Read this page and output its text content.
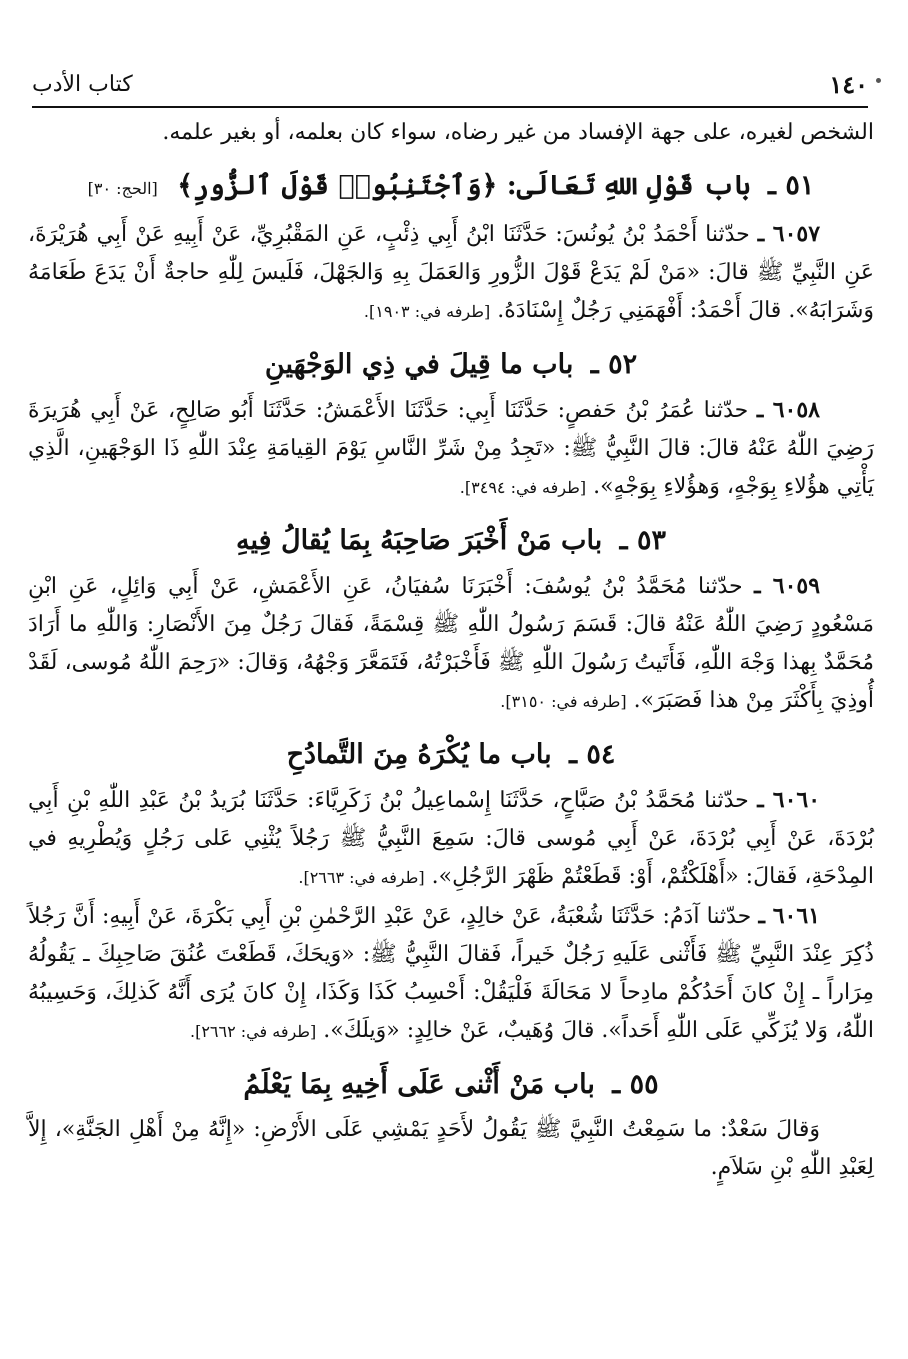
١٤٠
كتاب الأدب

الشخص لغيره، على جهة الإفساد من غير رضاه، سواء كان بعلمه، أو بغير علمه.

٥١ ـ باب قَوْلِ اللهِ تَعَالَى: ﴿وَٱجْتَنِبُوا۟ قَوْلَ ٱلزُّورِ﴾ [الحج: ٣٠]

٦٠٥٧ ـ حدّثنا أَحْمَدُ بْنُ يُونُسَ: حَدَّثَنَا ابْنُ أَبِي ذِئْبٍ، عَنِ المَقْبُرِيِّ، عَنْ أَبِيهِ عَنْ أَبِي هُرَيْرَةَ، عَنِ النَّبِيِّ ﷺ قالَ: «مَنْ لَمْ يَدَعْ قَوْلَ الزُّورِ وَالعَمَلَ بِهِ وَالجَهْلَ، فَلَيسَ لِلّٰهِ حاجةٌ أَنْ يَدَعَ طَعَامَهُ وَشَرَابَهُ». قالَ أَحْمَدُ: أَفْهَمَنِي رَجُلٌ إِسْنَادَهُ. [طرفه في: ١٩٠٣].

٥٢ ـ باب ما قِيلَ في ذِي الوَجْهَينِ

٦٠٥٨ ـ حدّثنا عُمَرُ بْنُ حَفصٍ: حَدَّثَنَا أَبِي: حَدَّثَنَا الأَعْمَشُ: حَدَّثَنَا أَبُو صَالِحٍ، عَنْ أَبِي هُرَيرَةَ رَضِيَ اللّٰهُ عَنْهُ قالَ: قالَ النَّبِيُّ ﷺ: «تَجِدُ مِنْ شَرِّ النَّاسِ يَوْمَ القِيامَةِ عِنْدَ اللّٰهِ ذَا الوَجْهَينِ، الَّذِي يَأْتِي هؤُلاءِ بِوَجْهٍ، وَهؤُلاءِ بِوَجْهٍ». [طرفه في: ٣٤٩٤].

٥٣ ـ باب مَنْ أَخْبَرَ صَاحِبَهُ بِمَا يُقالُ فِيهِ

٦٠٥٩ ـ حدّثنا مُحَمَّدُ بْنُ يُوسُفَ: أَخْبَرَنَا سُفيَانُ، عَنِ الأَعْمَشِ، عَنْ أَبِي وَائِلٍ، عَنِ ابْنِ مَسْعُودٍ رَضِيَ اللّٰهُ عَنْهُ قالَ: قَسَمَ رَسُولُ اللّٰهِ ﷺ قِسْمَةً، فَقالَ رَجُلٌ مِنَ الأَنْصَارِ: وَاللّٰهِ ما أَرَادَ مُحَمَّدٌ بِهذا وَجْهَ اللّٰهِ، فَأَتَيتُ رَسُولَ اللّٰهِ ﷺ فَأَخْبَرْتُهُ، فَتَمَعَّرَ وَجْهُهُ، وَقالَ: «رَحِمَ اللّٰهُ مُوسى، لَقَدْ أُوذِيَ بِأَكْثَرَ مِنْ هذا فَصَبَرَ». [طرفه في: ٣١٥٠].

٥٤ ـ باب ما يُكْرَهُ مِنَ التَّمادُحِ

٦٠٦٠ ـ حدّثنا مُحَمَّدُ بْنُ صَبَّاحٍ، حَدَّثَنَا إِسْماعِيلُ بْنُ زَكَرِيَّاءَ: حَدَّثَنَا بُرَيدُ بْنُ عَبْدِ اللّٰهِ بْنِ أَبِي بُرْدَةَ، عَنْ أَبِي بُرْدَةَ، عَنْ أَبِي مُوسى قالَ: سَمِعَ النَّبِيُّ ﷺ رَجُلاً يُثْنِي عَلى رَجُلٍ وَيُطْرِيهِ في المِدْحَةِ، فَقالَ: «أَهْلَكْتُمْ، أَوْ: قَطَعْتُمْ ظَهْرَ الرَّجُلِ». [طرفه في: ٢٦٦٣].

٦٠٦١ ـ حدّثنا آدَمُ: حَدَّثَنَا شُعْبَةُ، عَنْ خالِدٍ، عَنْ عَبْدِ الرَّحْمٰنِ بْنِ أَبِي بَكْرَةَ، عَنْ أَبِيهِ: أَنَّ رَجُلاً ذُكِرَ عِنْدَ النَّبِيِّ ﷺ فَأَثْنى عَلَيهِ رَجُلٌ خَيراً، فَقالَ النَّبِيُّ ﷺ: «وَيحَكَ، قَطَعْتَ عُنُقَ صَاحِبِكَ ـ يَقُولُهُ مِرَاراً ـ إِنْ كانَ أَحَدُكُمْ مادِحاً لا مَحَالَةَ فَلْيَقُلْ: أَحْسِبُ كَذَا وَكَذَا، إِنْ كانَ يُرَى أَنَّهُ كَذلِكَ، وَحَسِيبُهُ اللّٰهُ، وَلا يُزَكِّي عَلَى اللّٰهِ أَحَداً». قالَ وُهَيبٌ، عَنْ خالِدٍ: «وَيلَكَ». [طرفه في: ٢٦٦٢].

٥٥ ـ باب مَنْ أَثْنى عَلَى أَخِيهِ بِمَا يَعْلَمُ

وَقالَ سَعْدٌ: ما سَمِعْتُ النَّبِيَّ ﷺ يَقُولُ لأَحَدٍ يَمْشِي عَلَى الأَرْضِ: «إِنَّهُ مِنْ أَهْلِ الجَنَّةِ»، إِلاَّ لِعَبْدِ اللّٰهِ بْنِ سَلاَمٍ.
